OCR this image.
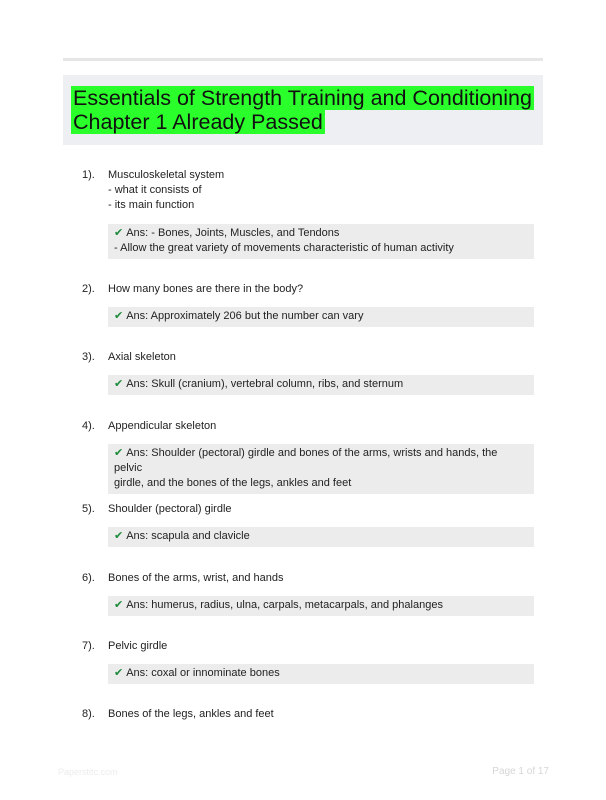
Essentials of Strength Training and Conditioning
Chapter 1 Already Passed
1). Musculoskeletal system
- what it consists of
- its main function
✔ Ans: - Bones, Joints, Muscles, and Tendons
- Allow the great variety of movements characteristic of human activity
2). How many bones are there in the body?
✔ Ans: Approximately 206 but the number can vary
3). Axial skeleton
✔ Ans: Skull (cranium), vertebral column, ribs, and sternum
4). Appendicular skeleton
✔ Ans: Shoulder (pectoral) girdle and bones of the arms, wrists and hands, the pelvic
girdle, and the bones of the legs, ankles and feet
5). Shoulder (pectoral) girdle
✔ Ans: scapula and clavicle
6). Bones of the arms, wrist, and hands
✔ Ans: humerus, radius, ulna, carpals, metacarpals, and phalanges
7). Pelvic girdle
✔ Ans: coxal or innominate bones
8). Bones of the legs, ankles and feet
Paperstitc.com	Page 1 of 17
